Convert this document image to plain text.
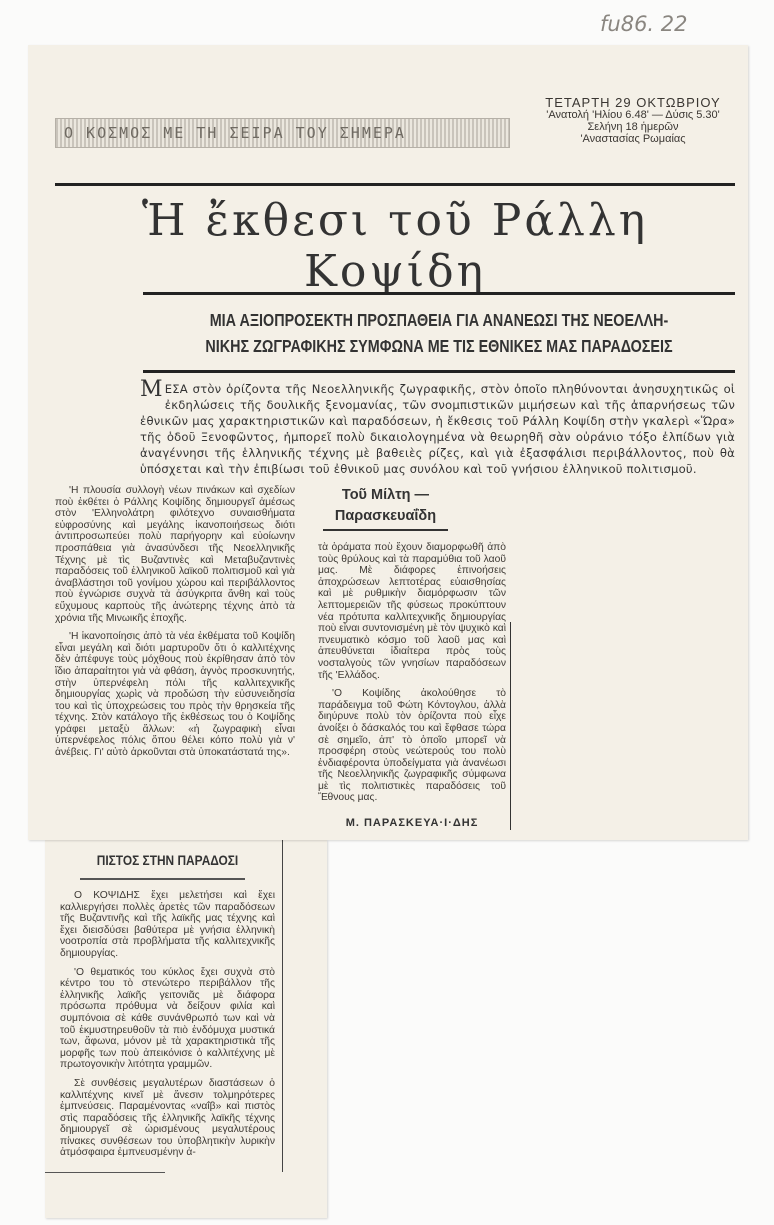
fu86. 22
Ο ΚΟΣΜΟΣ ΜΕ ΤΗ ΣΕΙΡΑ ΤΟΥ ΣΗΜΕΡΑ
ΤΕΤΑΡΤΗ 29 ΟΚΤΩΒΡΙΟΥ
'Ανατολή 'Ηλίου 6.48' — Δύσις 5.30'
Σελήνη 18 ἡμερῶν
'Αναστασίας Ρωμαίας
Ἡ ἔκθεσι τοῦ Ράλλη Κοψίδη
ΜΙΑ ΑΞΙΟΠΡΟΣΕΚΤΗ ΠΡΟΣΠΑΘΕΙΑ ΓΙΑ ΑΝΑΝΕΩΣΙ ΤΗΣ ΝΕΟΕΛΛΗ- ΝΙΚΗΣ ΖΩΓΡΑΦΙΚΗΣ ΣΥΜΦΩΝΑ ΜΕ ΤΙΣ ΕΘΝΙΚΕΣ ΜΑΣ ΠΑΡΑΔΟΣΕΙΣ
ΜΕΣΑ στὸν ὁρίζοντα τῆς Νεοελληνικῆς ζωγραφικῆς, στὸν ὁποῖο πληθύνονται ἀνησυχητικῶς οἱ ἐκδηλώσεις τῆς δουλικῆς ξενομανίας, τῶν σνομπιστικῶν μιμήσεων καὶ τῆς ἀπαρνήσεως τῶν ἐθνικῶν μας χαρακτηριστικῶν καὶ παραδόσεων, ἡ ἔκθεσις τοῦ Ράλλη Κοψίδη στὴν γκαλερὶ «Ὥρα» τῆς ὁδοῦ Ξενοφῶντος, ἠμπορεῖ πολὺ δικαιολογημένα νὰ θεωρηθῆ σὰν οὐράνιο τόξο ἐλπίδων γιὰ ἀναγέννησι τῆς ἑλληνικῆς τέχνης μὲ βαθειὲς ρίζες, καὶ γιὰ ἐξασφάλισι περιβάλλοντος, ποὺ θὰ ὑπόσχεται καὶ τὴν ἐπιβίωσι τοῦ ἐθνικοῦ μας συνόλου καὶ τοῦ γνήσιου ἑλληνικοῦ πολιτισμοῦ.

'Η πλουσία συλλογὴ νέων πινάκων καὶ σχεδίων ποὺ ἐκθέτει ὁ Ράλλης Κοψίδης δημιουργεῖ ἀμέσως στὸν 'Ελληνολάτρη φιλότεχνο συναισθήματα εὐφροσύνης καὶ μεγάλης ἱκανοποιήσεως διότι ἀντιπροσωπεύει πολὺ παρήγορην καὶ εὐοίωνην προσπάθεια γιὰ ἀνασύνδεσι τῆς Νεοελληνικῆς Τέχνης μὲ τὶς Βυζαντινὲς καὶ Μεταβυζαντινὲς παραδόσεις τοῦ ἑλληνικοῦ λαϊκοῦ πολιτισμοῦ καὶ γιὰ ἀναβλάστησι τοῦ γονίμου χώρου καὶ περιβάλλοντος ποὺ ἐγνώρισε συχνὰ τὰ ἀσύγκριτα ἄνθη καὶ τοὺς εὔχυμους καρποὺς τῆς ἀνώτερης τέχνης ἀπὸ τὰ χρόνια τῆς Μινωικῆς ἐποχῆς.

'Η ἱκανοποίησις ἀπὸ τὰ νέα ἐκθέματα τοῦ Κοψίδη εἶναι μεγάλη καὶ διότι μαρτυροῦν ὅτι ὁ καλλιτέχνης δὲν ἀπέφυγε τοὺς μόχθους ποὺ ἐκρίθησαν ἀπὸ τὸν ἴδιο ἀπαραίτητοι γιὰ νὰ φθάση, ἁγνὸς προσκυνητής, στὴν ὑπερνέφελη πόλι τῆς καλλιτεχνικῆς δημιουργίας χωρὶς νὰ προδώση τὴν εὐσυνειδησία του καὶ τὶς ὑποχρεώσεις του πρὸς τὴν θρησκεία τῆς τέχνης. Στὸν κατάλογο τῆς ἐκθέσεως του ὁ Κοψίδης γράφει μεταξὺ ἄλλων: «ἡ ζωγραφικὴ εἶναι ὑπερνέφελος πόλις ὅπου θέλει κόπο πολὺ γιὰ ν' ἀνέβεις. Γι' αὐτὸ ἀρκοῦνται στὰ ὑποκατάστατά της».

Τοῦ Μίλτη —
Παρασκευαΐδη

τὰ ὁράματα ποὺ ἔχουν διαμορφωθῆ ἀπὸ τοὺς θρύλους καὶ τὰ παραμύθια τοῦ λαοῦ μας. Μὲ διάφορες ἐπινοήσεις ἀποχρώσεων λεπτοτέρας εὐαισθησίας καὶ μὲ ρυθμικὴν διαμόρφωσιν τῶν λεπτομερειῶν τῆς φύσεως προκύπτουν νέα πρότυπα καλλιτεχνικῆς δημιουργίας ποὺ εἶναι συντονισμένη μὲ τὸν ψυχικὸ καὶ πνευματικὸ κόσμο τοῦ λαοῦ μας καὶ ἀπευθύνεται ἰδιαίτερα πρὸς τοὺς νοσταλγοὺς τῶν γνησίων παραδόσεων τῆς 'Ελλάδος.

'Ο Κοψίδης ἀκολούθησε τὸ παράδειγμα τοῦ Φώτη Κόντογλου, ἀλλὰ διηύρυνε πολὺ τὸν ὁρίζοντα ποὺ εἶχε ἀνοίξει ὁ δάσκαλός του καὶ ἔφθασε τώρα σὲ σημεῖο, ἀπ' τὸ ὁποῖο μπορεῖ νὰ προσφέρη στοὺς νεώτερούς του πολὺ ἐνδιαφέροντα ὑποδείγματα γιὰ ἀνανέωσι τῆς Νεοελληνικῆς ζωγραφικῆς σύμφωνα μὲ τὶς πολιτιστικὲς παραδόσεις τοῦ Ἔθνους μας.

Μ. ΠΑΡΑΣΚΕΥΑ·Ι·ΔΗΣ
ΠΙΣΤΟΣ ΣΤΗΝ ΠΑΡΑΔΟΣΙ

Ο ΚΟΨΙΔΗΣ ἔχει μελετήσει καὶ ἔχει καλλιεργήσει πολλὲς ἀρετὲς τῶν παραδόσεων τῆς Βυζαντινῆς καὶ τῆς λαϊκῆς μας τέχνης καὶ ἔχει διεισδύσει βαθύτερα μὲ γνήσια ἑλληνικὴ νοοτροπία στὰ προβλήματα τῆς καλλιτεχνικῆς δημιουργίας.

'Ο θεματικός του κύκλος ἔχει συχνὰ στὸ κέντρο του τὸ στενώτερο περιβάλλον τῆς ἑλληνικῆς λαϊκῆς γειτονιᾶς μὲ διάφορα πρόσωπα πρόθυμα νὰ δείξουν φιλία καὶ συμπόνοια σὲ κάθε συνάνθρωπό των καὶ νὰ τοῦ ἐκμυστηρευθοῦν τὰ πιὸ ἐνδόμυχα μυστικά των, ἄφωνα, μόνον μὲ τὰ χαρακτηριστικὰ τῆς μορφῆς των ποὺ ἀπεικόνισε ὁ καλλιτέχνης μὲ πρωτογονικὴν λιτότητα γραμμῶν.

Σὲ συνθέσεις μεγαλυτέρων διαστάσεων ὁ καλλιτέχνης κινεῖ μὲ ἄνεσιν τολμηρότερες ἐμπνεύσεις. Παραμένοντας «ναΐβ» καὶ πιστὸς στὶς παραδόσεις τῆς ἑλληνικῆς λαϊκῆς τέχνης δημιουργεῖ σὲ ὡρισμένους μεγαλυτέρους πίνακες συνθέσεων του ὑποβλητικὴν λυρικὴν ἀτμόσφαιρα ἐμπνευσμένην ἀ-
